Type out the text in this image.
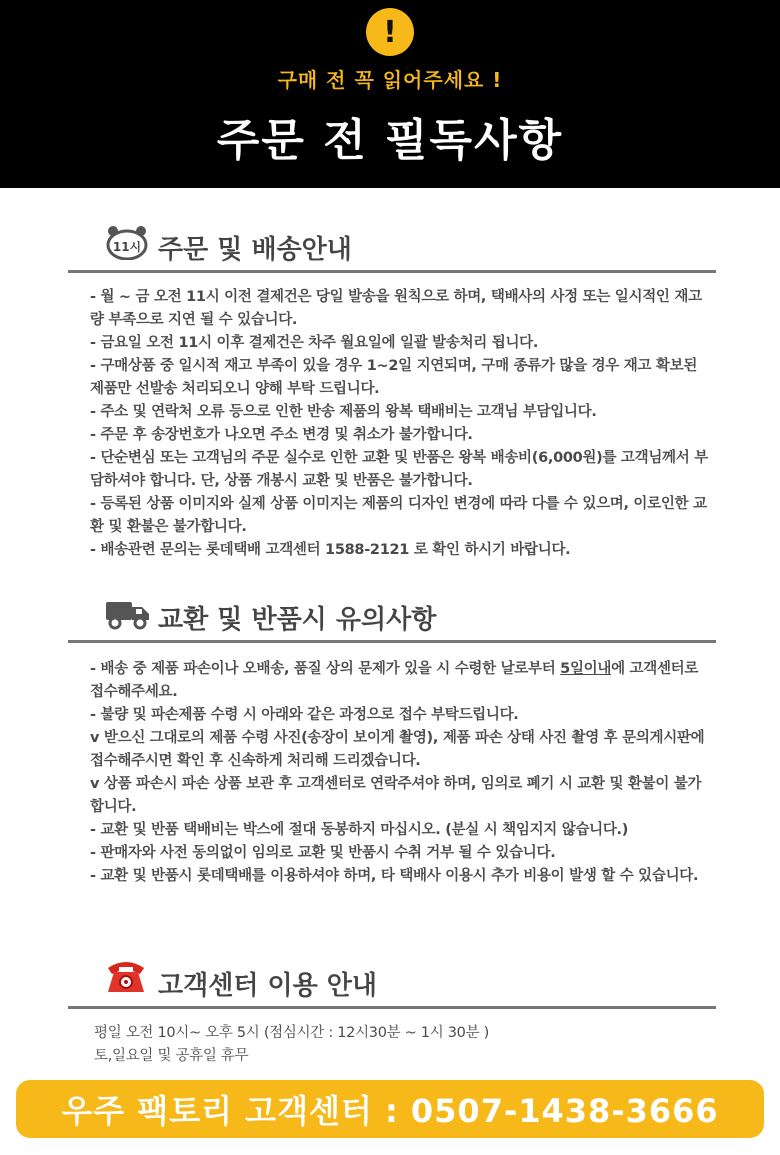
!
구매 전 꼭 읽어주세요 !
주문 전 필독사항
11시 주문 및 배송안내

- 월 ~ 금 오전 11시 이전 결제건은 당일 발송을 원칙으로 하며, 택배사의 사정 또는 일시적인 재고량 부족으로 지연 될 수 있습니다.

- 금요일 오전 11시 이후 결제건은 차주 월요일에 일괄 발송처리 됩니다.

- 구매상품 중 일시적 재고 부족이 있을 경우 1~2일 지연되며, 구매 종류가 많을 경우 재고 확보된 제품만 선발송 처리되오니 양해 부탁 드립니다.

- 주소 및 연락처 오류 등으로 인한 반송 제품의 왕복 택배비는 고객님 부담입니다.

- 주문 후 송장번호가 나오면 주소 변경 및 취소가 불가합니다.

- 단순변심 또는 고객님의 주문 실수로 인한 교환 및 반품은 왕복 배송비(6,000원)를 고객님께서 부담하셔야 합니다. 단, 상품 개봉시 교환 및 반품은 불가합니다.

- 등록된 상품 이미지와 실제 상품 이미지는 제품의 디자인 변경에 따라 다를 수 있으며, 이로인한 교환 및 환불은 불가합니다.

- 배송관련 문의는 롯데택배 고객센터 1588-2121 로 확인 하시기 바랍니다.

교환 및 반품시 유의사항

- 배송 중 제품 파손이나 오배송, 품질 상의 문제가 있을 시 수령한 날로부터 5일이내에 고객센터로 접수해주세요.

- 불량 및 파손제품 수령 시 아래와 같은 과정으로 접수 부탁드립니다.

v 받으신 그대로의 제품 수령 사진(송장이 보이게 촬영), 제품 파손 상태 사진 촬영 후 문의게시판에 접수해주시면 확인 후 신속하게 처리해 드리겠습니다.

v 상품 파손시 파손 상품 보관 후 고객센터로 연락주셔야 하며, 임의로 폐기 시 교환 및 환불이 불가합니다.

- 교환 및 반품 택배비는 박스에 절대 동봉하지 마십시오. (분실 시 책임지지 않습니다.)

- 판매자와 사전 동의없이 임의로 교환 및 반품시 수취 거부 될 수 있습니다.

- 교환 및 반품시 롯데택배를 이용하셔야 하며, 타 택배사 이용시 추가 비용이 발생 할 수 있습니다.

고객센터 이용 안내

평일 오전 10시~ 오후 5시 (점심시간 : 12시30분 ~ 1시 30분 )

토,일요일 및 공휴일 휴무

우주 팩토리 고객센터 : 0507-1438-3666
